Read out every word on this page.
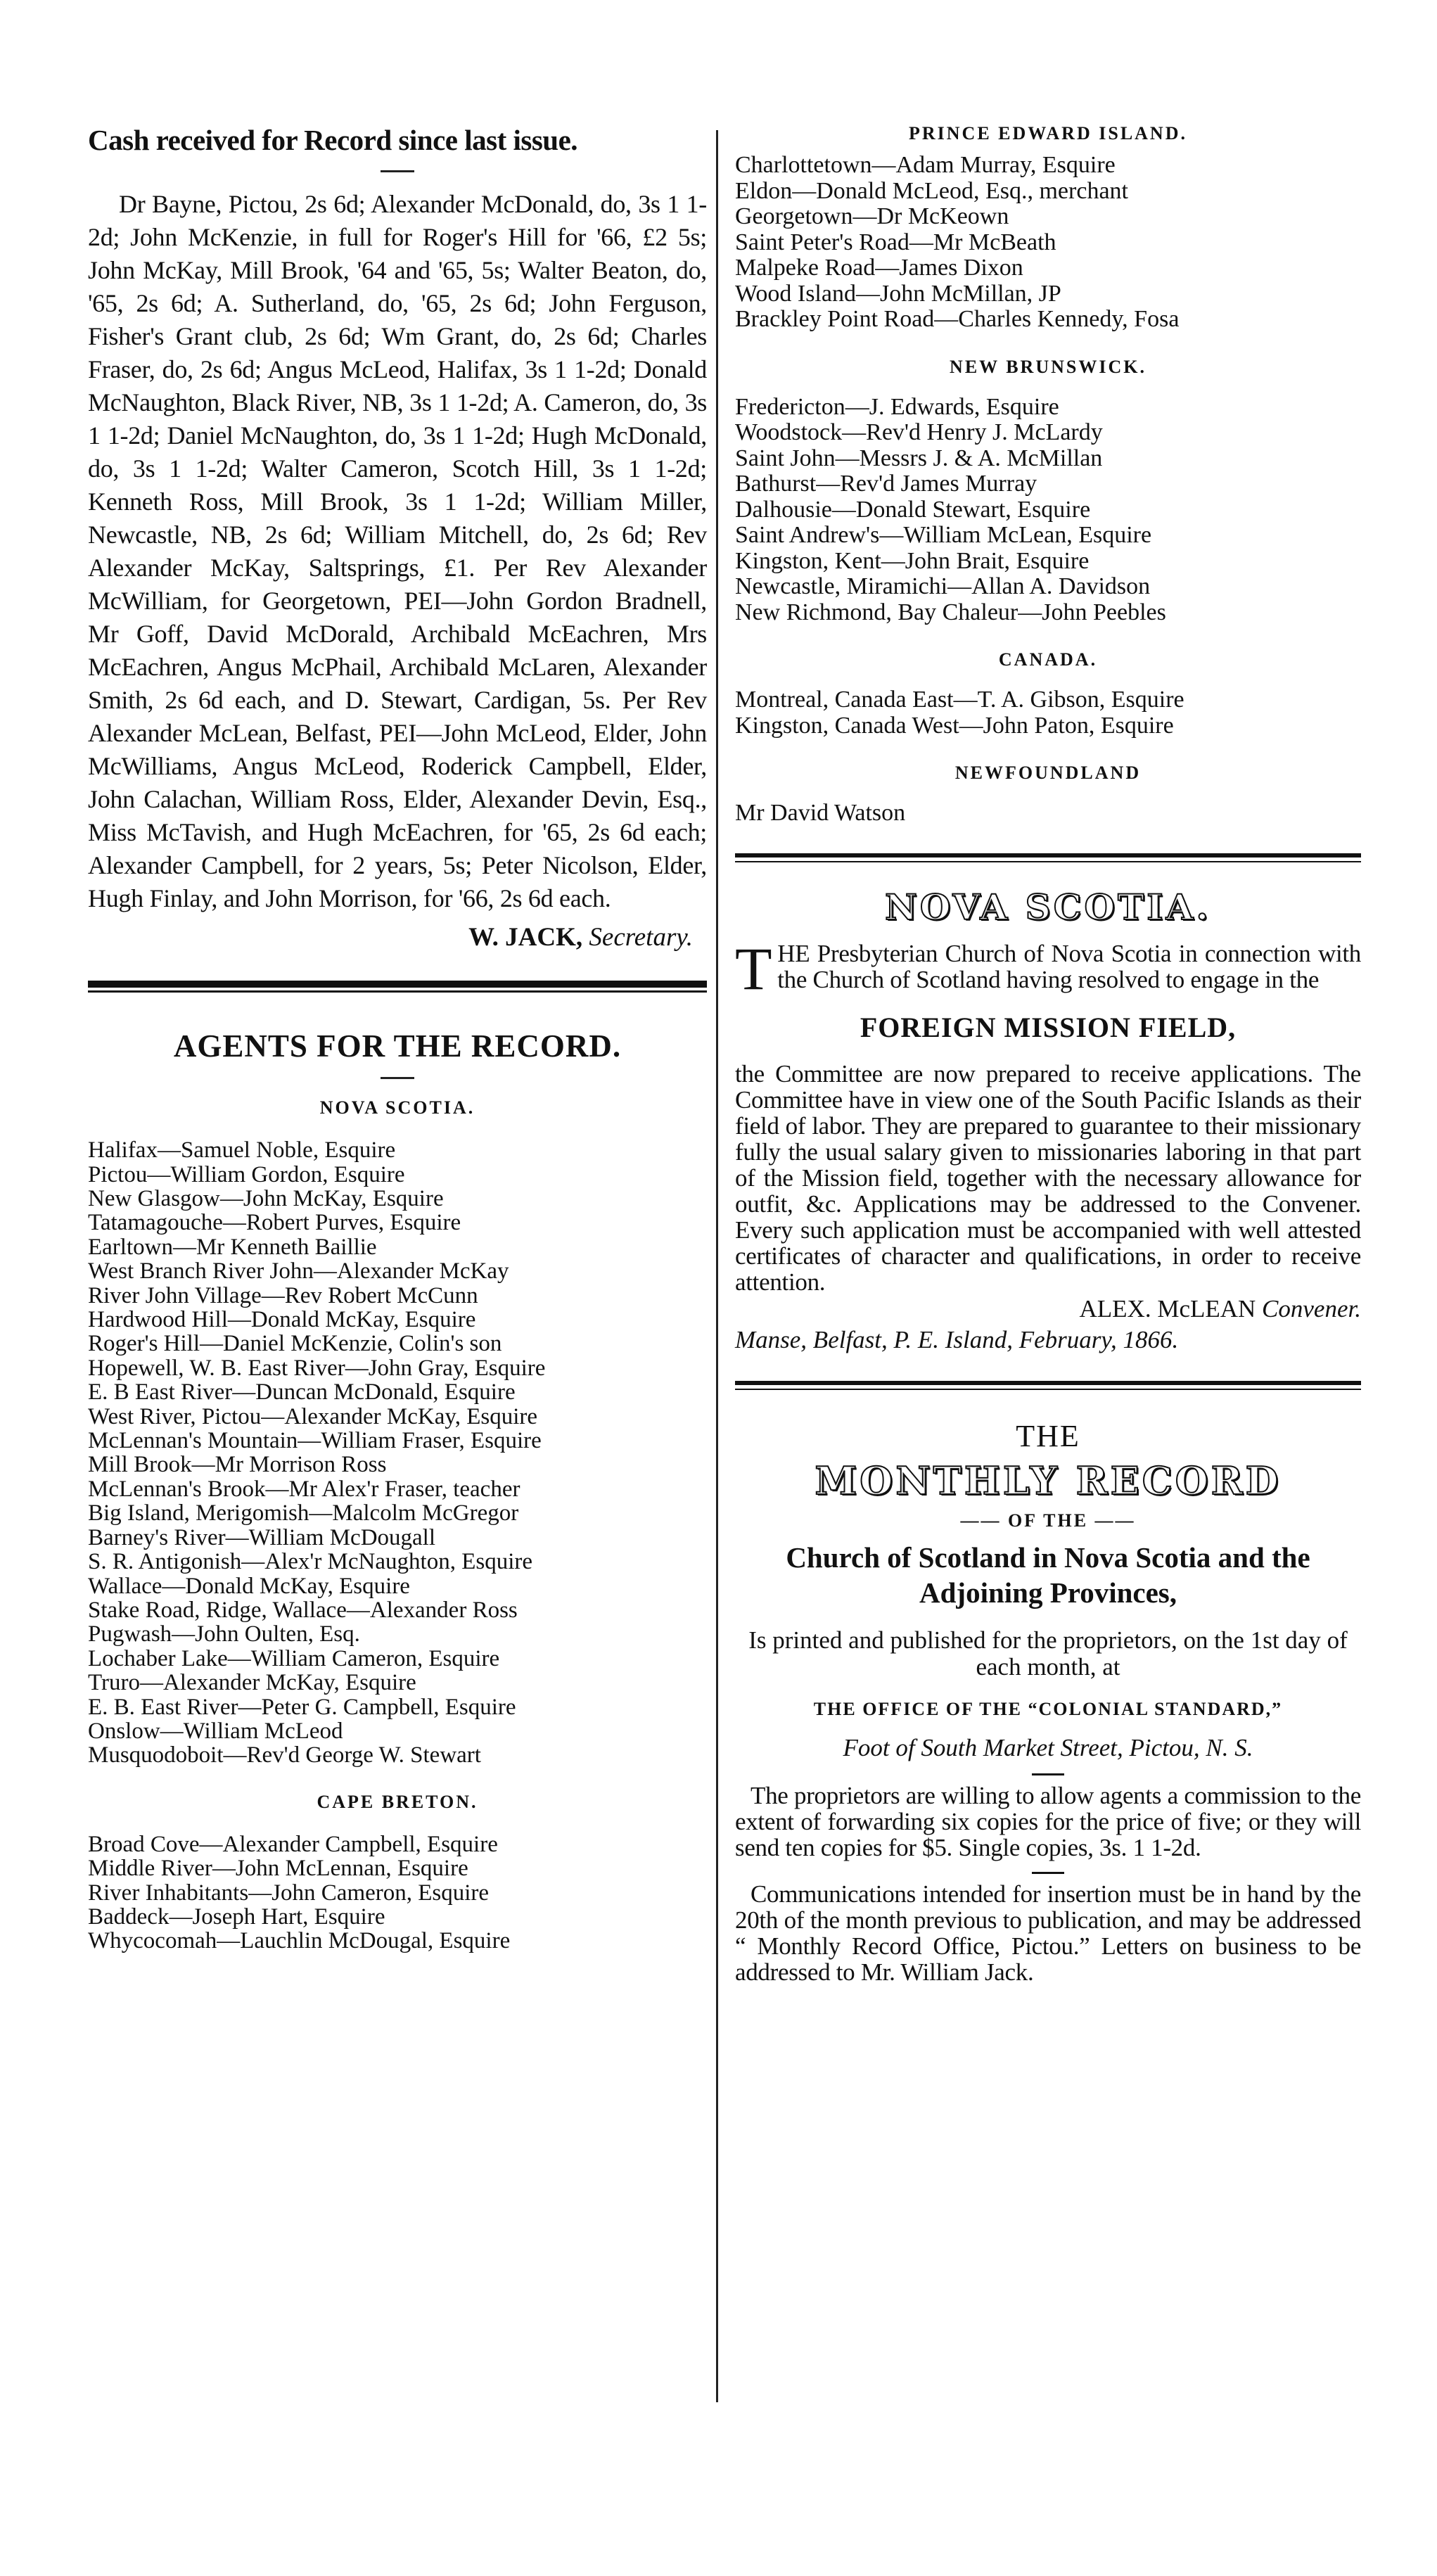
Cash received for Record since last issue.

Dr Bayne, Pictou, 2s 6d; Alexander McDonald, do, 3s 1 1-2d; John McKenzie, in full for Roger's Hill for '66, £2 5s; John McKay, Mill Brook, '64 and '65, 5s; Walter Beaton, do, '65, 2s 6d; A. Sutherland, do, '65, 2s 6d; John Ferguson, Fisher's Grant club, 2s 6d; Wm Grant, do, 2s 6d; Charles Fraser, do, 2s 6d; Angus McLeod, Halifax, 3s 1 1-2d; Donald McNaughton, Black River, NB, 3s 1 1-2d; A. Cameron, do, 3s 1 1-2d; Daniel McNaughton, do, 3s 1 1-2d; Hugh McDonald, do, 3s 1 1-2d; Walter Cameron, Scotch Hill, 3s 1 1-2d; Kenneth Ross, Mill Brook, 3s 1 1-2d; William Miller, Newcastle, NB, 2s 6d; William Mitchell, do, 2s 6d; Rev Alexander McKay, Saltsprings, £1. Per Rev Alexander McWilliam, for Georgetown, PEI—John Gordon Bradnell, Mr Goff, David McDorald, Archibald McEachren, Mrs McEachren, Angus McPhail, Archibald McLaren, Alexander Smith, 2s 6d each, and D. Stewart, Cardigan, 5s. Per Rev Alexander McLean, Belfast, PEI—John McLeod, Elder, John McWilliams, Angus McLeod, Roderick Campbell, Elder, John Calachan, William Ross, Elder, Alexander Devin, Esq., Miss McTavish, and Hugh McEachren, for '65, 2s 6d each; Alexander Campbell, for 2 years, 5s; Peter Nicolson, Elder, Hugh Finlay, and John Morrison, for '66, 2s 6d each.

W. JACK, Secretary.

AGENTS FOR THE RECORD.
NOVA SCOTIA.
Halifax—Samuel Noble, Esquire
Pictou—William Gordon, Esquire
New Glasgow—John McKay, Esquire
Tatamagouche—Robert Purves, Esquire
Earltown—Mr Kenneth Baillie
West Branch River John—Alexander McKay
River John Village—Rev Robert McCunn
Hardwood Hill—Donald McKay, Esquire
Roger's Hill—Daniel McKenzie, Colin's son
Hopewell, W. B. East River—John Gray, Esquire
E. B East River—Duncan McDonald, Esquire
West River, Pictou—Alexander McKay, Esquire
McLennan's Mountain—William Fraser, Esquire
Mill Brook—Mr Morrison Ross
McLennan's Brook—Mr Alex'r Fraser, teacher
Big Island, Merigomish—Malcolm McGregor
Barney's River—William McDougall
S. R. Antigonish—Alex'r McNaughton, Esquire
Wallace—Donald McKay, Esquire
Stake Road, Ridge, Wallace—Alexander Ross
Pugwash—John Oulten, Esq.
Lochaber Lake—William Cameron, Esquire
Truro—Alexander McKay, Esquire
E. B. East River—Peter G. Campbell, Esquire
Onslow—William McLeod
Musquodoboit—Rev'd George W. Stewart
CAPE BRETON.
Broad Cove—Alexander Campbell, Esquire
Middle River—John McLennan, Esquire
River Inhabitants—John Cameron, Esquire
Baddeck—Joseph Hart, Esquire
Whycocomah—Lauchlin McDougal, Esquire
PRINCE EDWARD ISLAND.
Charlottetown—Adam Murray, Esquire
Eldon—Donald McLeod, Esq., merchant
Georgetown—Dr McKeown
Saint Peter's Road—Mr McBeath
Malpeke Road—James Dixon
Wood Island—John McMillan, JP
Brackley Point Road—Charles Kennedy, Fosa
NEW BRUNSWICK.
Fredericton—J. Edwards, Esquire
Woodstock—Rev'd Henry J. McLardy
Saint John—Messrs J. & A. McMillan
Bathurst—Rev'd James Murray
Dalhousie—Donald Stewart, Esquire
Saint Andrew's—William McLean, Esquire
Kingston, Kent—John Brait, Esquire
Newcastle, Miramichi—Allan A. Davidson
New Richmond, Bay Chaleur—John Peebles
CANADA.
Montreal, Canada East—T. A. Gibson, Esquire
Kingston, Canada West—John Paton, Esquire
NEWFOUNDLAND
Mr David Watson
NOVA SCOTIA.

T HE Presbyterian Church of Nova Scotia in connection with the Church of Scotland having resolved to engage in the

FOREIGN MISSION FIELD,

the Committee are now prepared to receive applications. The Committee have in view one of the South Pacific Islands as their field of labor. They are prepared to guarantee to their missionary fully the usual salary given to missionaries laboring in that part of the Mission field, together with the necessary allowance for outfit, &c. Applications may be addressed to the Convener. Every such application must be accompanied with well attested certificates of character and qualifications, in order to receive attention.

ALEX. McLEAN Convener.

Manse, Belfast, P. E. Island, February, 1866.

THE
MONTHLY RECORD
—— OF THE ——

Church of Scotland in Nova Scotia and the Adjoining Provinces,

Is printed and published for the proprietors, on the 1st day of each month, at

THE OFFICE OF THE “COLONIAL STANDARD,”

Foot of South Market Street, Pictou, N. S.

The proprietors are willing to allow agents a commission to the extent of forwarding six copies for the price of five; or they will send ten copies for $5. Single copies, 3s. 1 1-2d.

Communications intended for insertion must be in hand by the 20th of the month previous to publication, and may be addressed “ Monthly Record Office, Pictou.” Letters on business to be addressed to Mr. William Jack.
